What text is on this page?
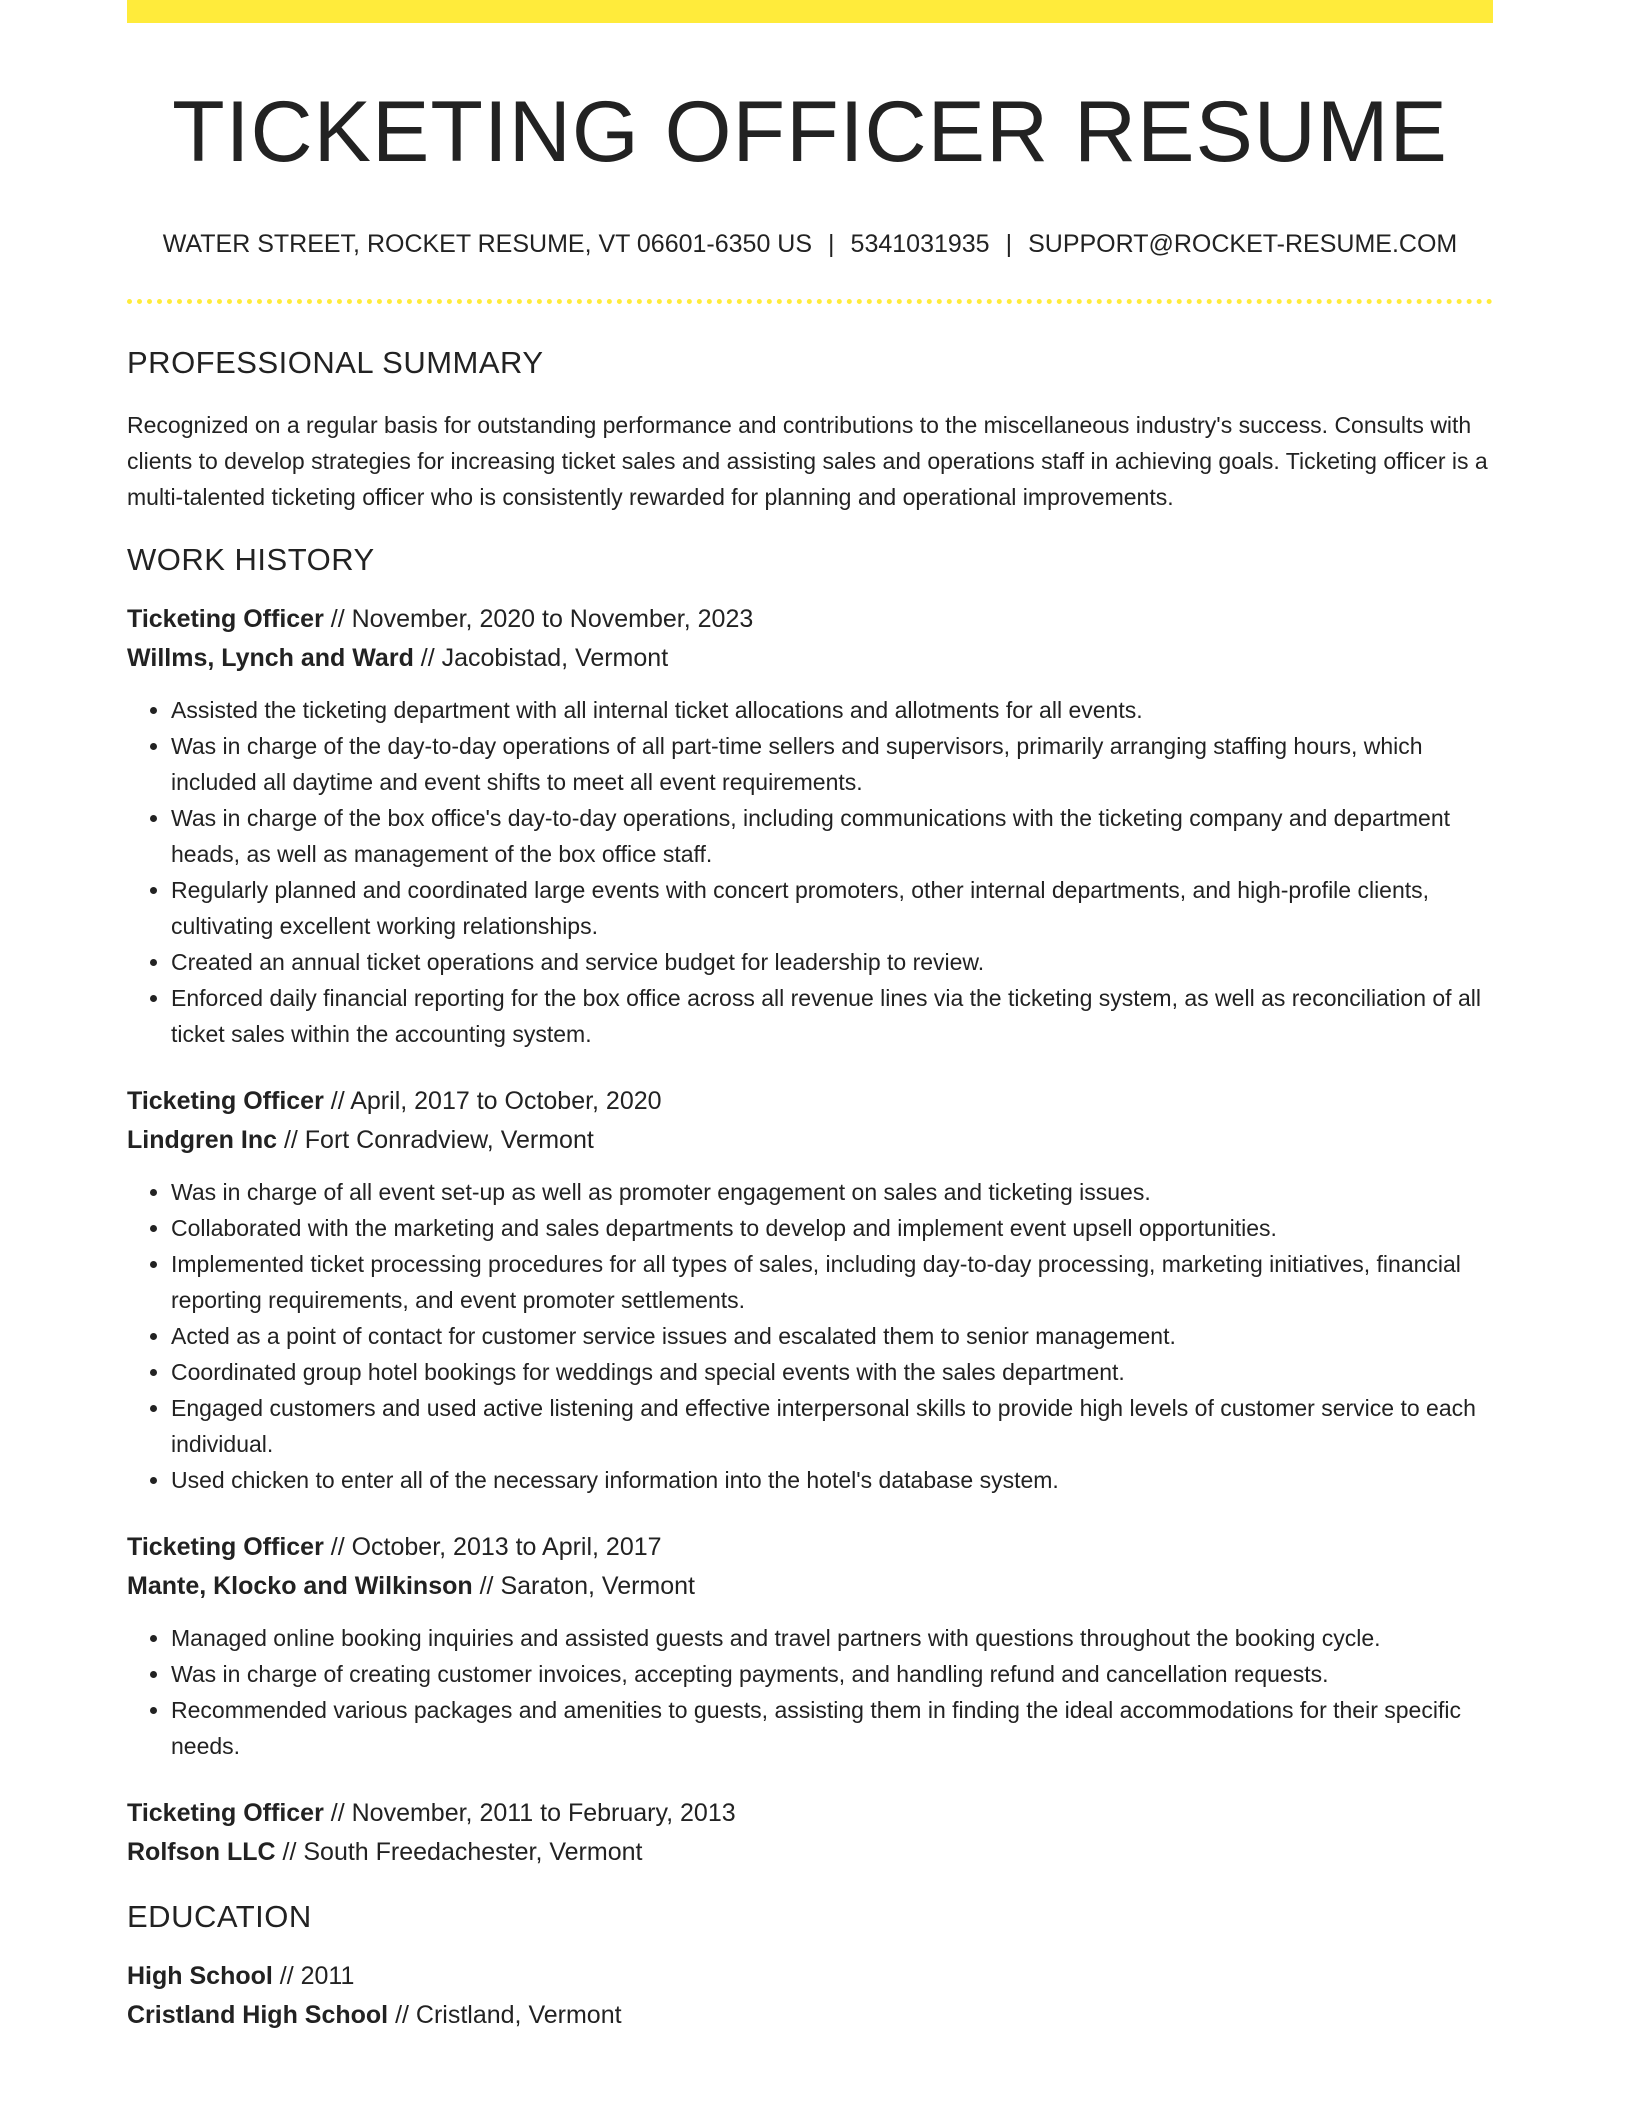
TICKETING OFFICER RESUME
WATER STREET, ROCKET RESUME, VT 06601-6350 US | 5341031935 | SUPPORT@ROCKET-RESUME.COM
PROFESSIONAL SUMMARY

Recognized on a regular basis for outstanding performance and contributions to the miscellaneous industry's success. Consults with clients to develop strategies for increasing ticket sales and assisting sales and operations staff in achieving goals. Ticketing officer is a multi-talented ticketing officer who is consistently rewarded for planning and operational improvements.

WORK HISTORY
Ticketing Officer // November, 2020 to November, 2023
Willms, Lynch and Ward // Jacobistad, Vermont
• Assisted the ticketing department with all internal ticket allocations and allotments for all events.
• Was in charge of the day-to-day operations of all part-time sellers and supervisors, primarily arranging staffing hours, which included all daytime and event shifts to meet all event requirements.
• Was in charge of the box office's day-to-day operations, including communications with the ticketing company and department heads, as well as management of the box office staff.
• Regularly planned and coordinated large events with concert promoters, other internal departments, and high-profile clients, cultivating excellent working relationships.
• Created an annual ticket operations and service budget for leadership to review.
• Enforced daily financial reporting for the box office across all revenue lines via the ticketing system, as well as reconciliation of all ticket sales within the accounting system.
Ticketing Officer // April, 2017 to October, 2020
Lindgren Inc // Fort Conradview, Vermont
• Was in charge of all event set-up as well as promoter engagement on sales and ticketing issues.
• Collaborated with the marketing and sales departments to develop and implement event upsell opportunities.
• Implemented ticket processing procedures for all types of sales, including day-to-day processing, marketing initiatives, financial reporting requirements, and event promoter settlements.
• Acted as a point of contact for customer service issues and escalated them to senior management.
• Coordinated group hotel bookings for weddings and special events with the sales department.
• Engaged customers and used active listening and effective interpersonal skills to provide high levels of customer service to each individual.
• Used chicken to enter all of the necessary information into the hotel's database system.
Ticketing Officer // October, 2013 to April, 2017
Mante, Klocko and Wilkinson // Saraton, Vermont
• Managed online booking inquiries and assisted guests and travel partners with questions throughout the booking cycle.
• Was in charge of creating customer invoices, accepting payments, and handling refund and cancellation requests.
• Recommended various packages and amenities to guests, assisting them in finding the ideal accommodations for their specific needs.
Ticketing Officer // November, 2011 to February, 2013
Rolfson LLC // South Freedachester, Vermont
EDUCATION
High School // 2011
Cristland High School // Cristland, Vermont
